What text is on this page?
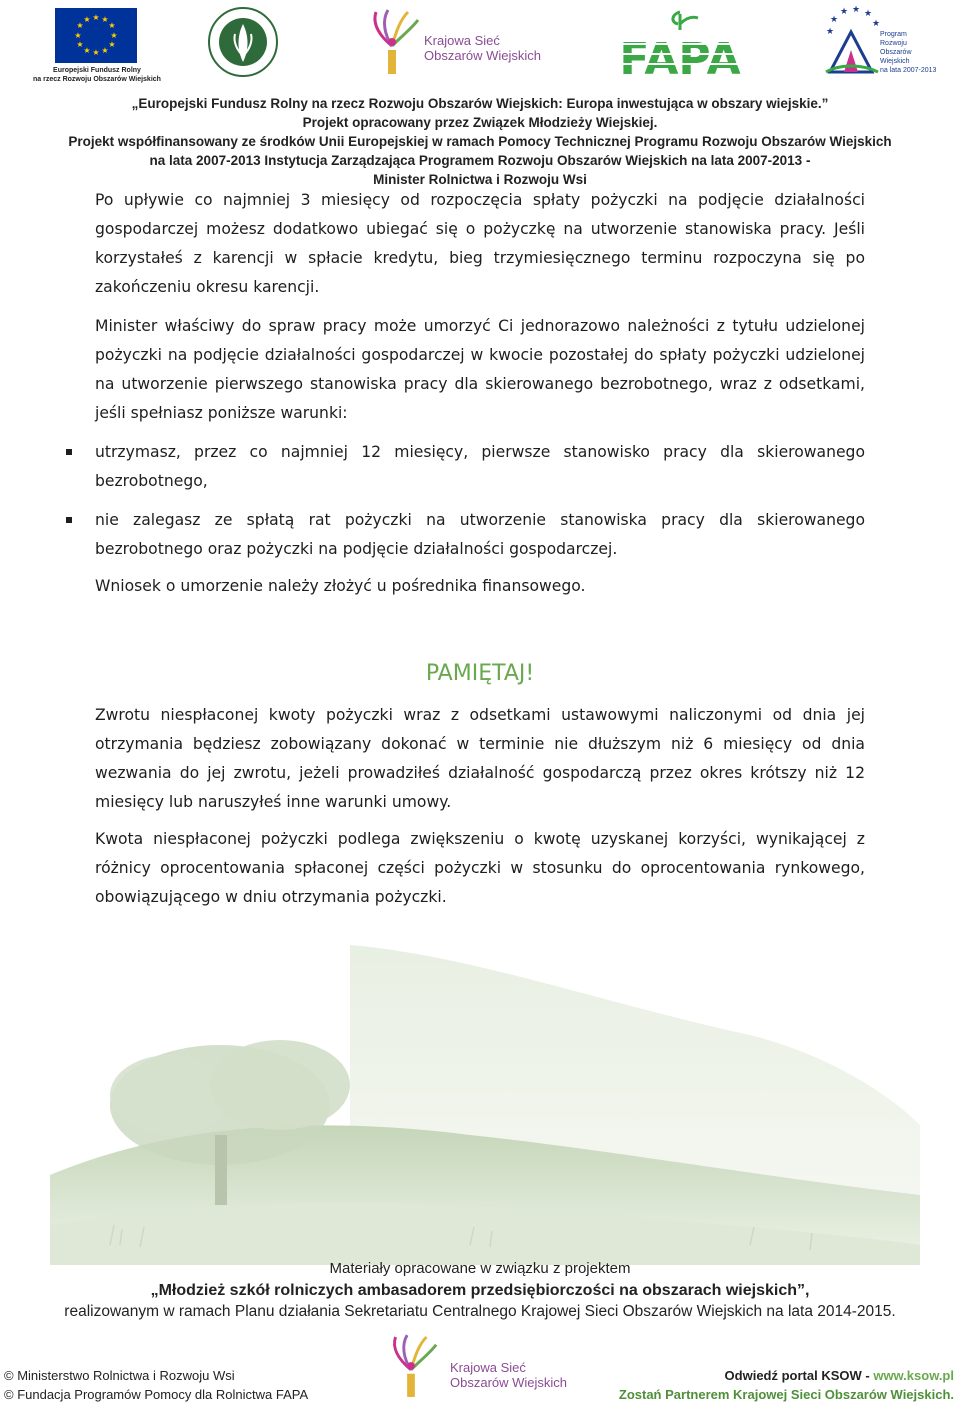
★ ★
★
★
★
★
★
★
★
★
★
★
Europejski Fundusz Rolny
na rzecz Rozwoju Obszarów Wiejskich
Krajowa Sieć
Obszarów Wiejskich FAPA
★
★
★ ★ ★
★
Program
Rozwoju
Obszarów
Wiejskich
na lata 2007-2013
„Europejski Fundusz Rolny na rzecz Rozwoju Obszarów Wiejskich: Europa inwestująca w obszary wiejskie.”
Projekt opracowany przez Związek Młodzieży Wiejskiej.
Projekt współfinansowany ze środków Unii Europejskiej w ramach Pomocy Technicznej Programu Rozwoju Obszarów Wiejskich
na lata 2007-2013 Instytucja Zarządzająca Programem Rozwoju Obszarów Wiejskich na lata 2007-2013 -
Minister Rolnictwa i Rozwoju Wsi

Po upływie co najmniej 3 miesięcy od rozpoczęcia spłaty pożyczki na podjęcie działalności gospodarczej możesz dodatkowo ubiegać się o pożyczkę na utworzenie stanowiska pracy. Jeśli korzystałeś z karencji w spłacie kredytu, bieg trzymiesięcznego terminu rozpoczyna się po zakończeniu okresu karencji.

Minister właściwy do spraw pracy może umorzyć Ci jednorazowo należności z tytułu udzielonej pożyczki na podjęcie działalności gospodarczej w kwocie pozostałej do spłaty pożyczki udzielonej na utworzenie pierwszego stanowiska pracy dla skierowanego bezrobotnego, wraz z odsetkami, jeśli spełniasz poniższe warunki:

utrzymasz, przez co najmniej 12 miesięcy, pierwsze stanowisko pracy dla skierowanego bezrobotnego,
nie zalegasz ze spłatą rat pożyczki na utworzenie stanowiska pracy dla skierowanego bezrobotnego oraz pożyczki na podjęcie działalności gospodarczej.

Wniosek o umorzenie należy złożyć u pośrednika finansowego.

PAMIĘTAJ!

Zwrotu niespłaconej kwoty pożyczki wraz z odsetkami ustawowymi naliczonymi od dnia jej otrzymania będziesz zobowiązany dokonać w terminie nie dłuższym niż 6 miesięcy od dnia wezwania do jej zwrotu, jeżeli prowadziłeś działalność gospodarczą przez okres krótszy niż 12 miesięcy lub naruszyłeś inne warunki umowy.

Kwota niespłaconej pożyczki podlega zwiększeniu o kwotę uzyskanej korzyści, wynikającej z różnicy oprocentowania spłaconej części pożyczki w stosunku do oprocentowania rynkowego, obowiązującego w dniu otrzymania pożyczki.

Materiały opracowane w związku z projektem
„Młodzież szkół rolniczych ambasadorem przedsiębiorczości na obszarach wiejskich”,
realizowanym w ramach Planu działania Sekretariatu Centralnego Krajowej Sieci Obszarów Wiejskich na lata 2014-2015.
Krajowa Sieć
Obszarów Wiejskich
© Ministerstwo Rolnictwa i Rozwoju Wsi
© Fundacja Programów Pomocy dla Rolnictwa FAPA
Odwiedź portal KSOW - www.ksow.pl
Zostań Partnerem Krajowej Sieci Obszarów Wiejskich.
